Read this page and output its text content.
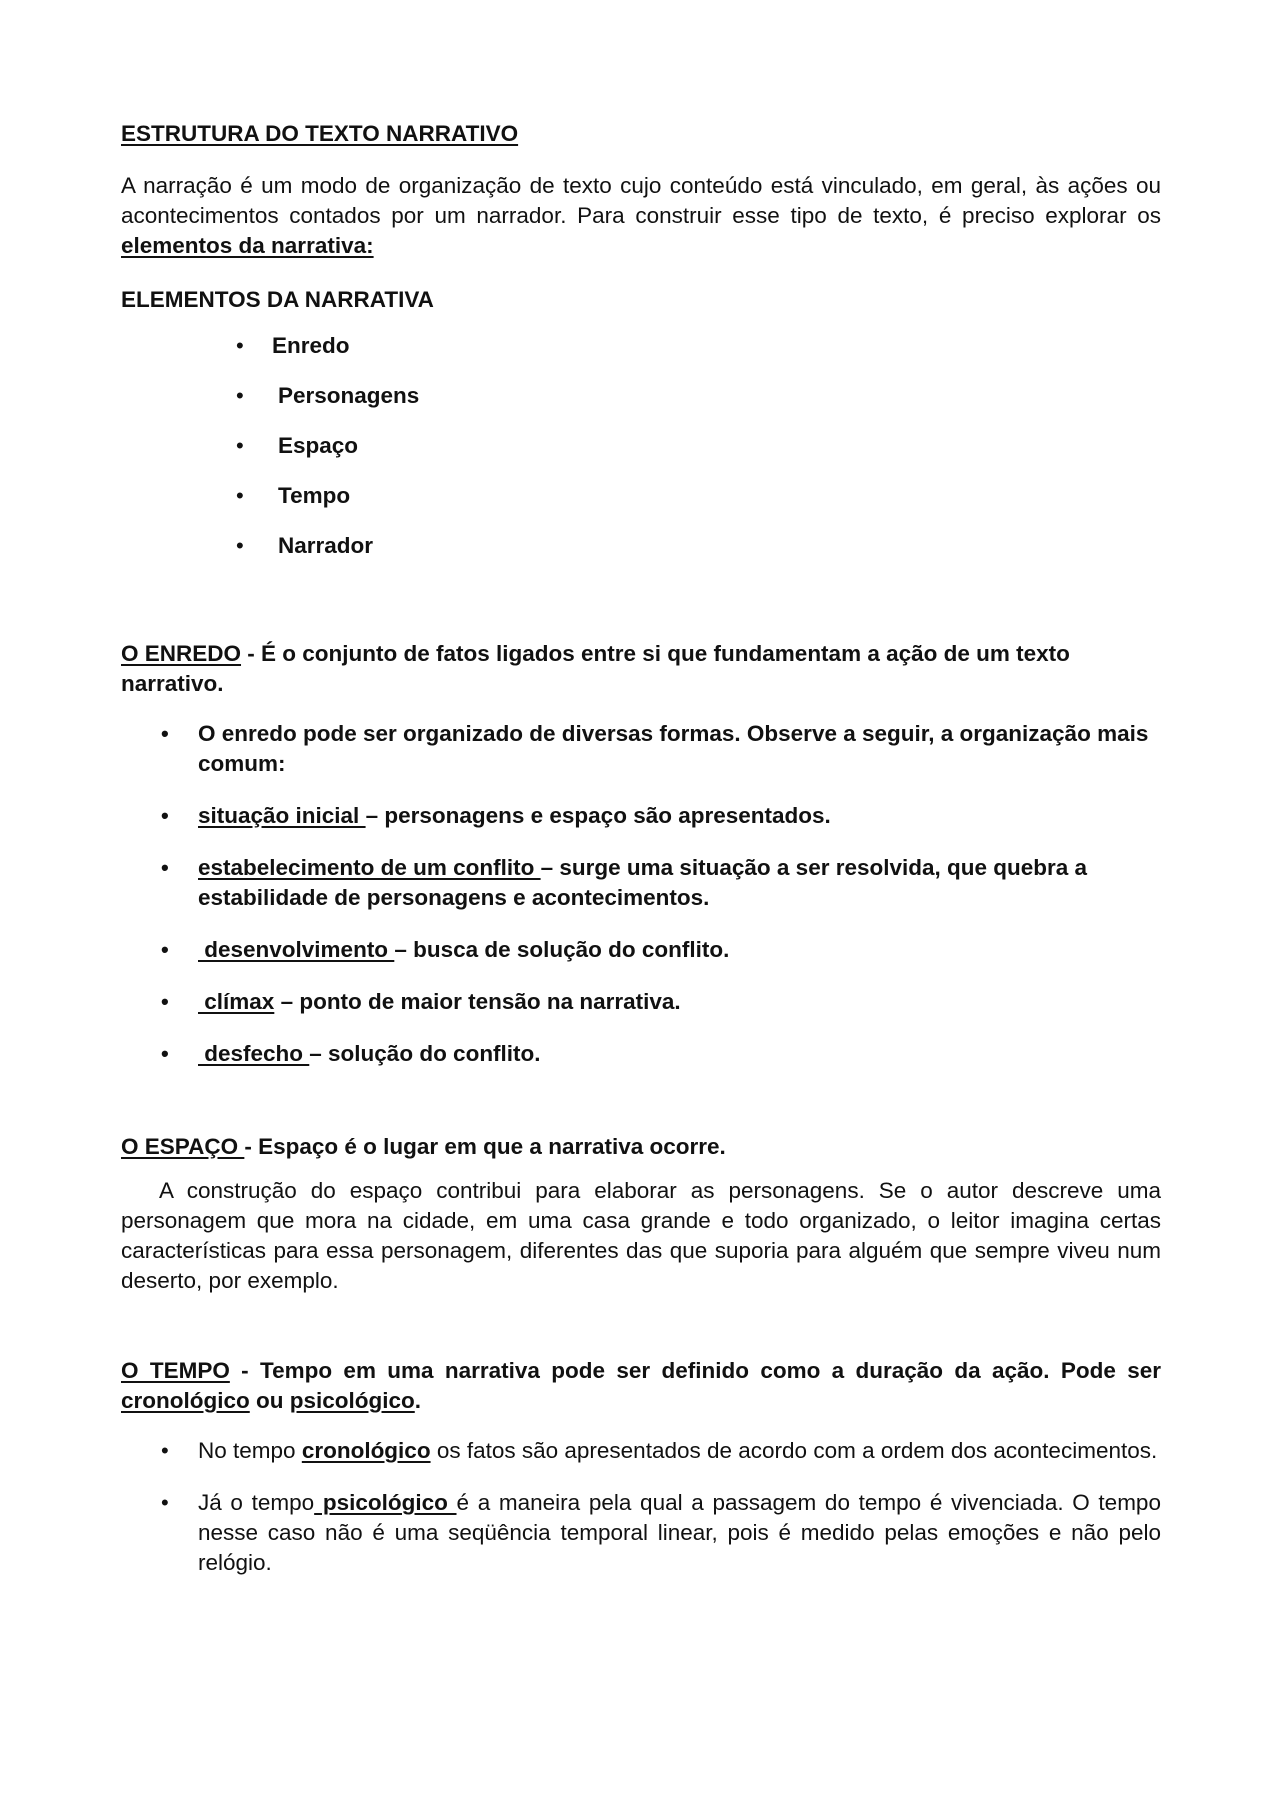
ESTRUTURA DO TEXTO NARRATIVO

A narração é um modo de organização de texto cujo conteúdo está vinculado, em geral, às ações ou acontecimentos contados por um narrador. Para construir esse tipo de texto, é preciso explorar os elementos da narrativa:

ELEMENTOS DA NARRATIVA

• Enredo
• Personagens
• Espaço
• Tempo
• Narrador

O ENREDO - É o conjunto de fatos ligados entre si que fundamentam a ação de um texto narrativo.

• O enredo pode ser organizado de diversas formas. Observe a seguir, a organização mais comum:
• situação inicial – personagens e espaço são apresentados.
• estabelecimento de um conflito – surge uma situação a ser resolvida, que quebra a estabilidade de personagens e acontecimentos.
• desenvolvimento – busca de solução do conflito.
• clímax – ponto de maior tensão na narrativa.
• desfecho – solução do conflito.

O ESPAÇO - Espaço é o lugar em que a narrativa ocorre.

A construção do espaço contribui para elaborar as personagens. Se o autor descreve uma personagem que mora na cidade, em uma casa grande e todo organizado, o leitor imagina certas características para essa personagem, diferentes das que suporia para alguém que sempre viveu num deserto, por exemplo.

O TEMPO - Tempo em uma narrativa pode ser definido como a duração da ação. Pode ser cronológico ou psicológico.

• No tempo cronológico os fatos são apresentados de acordo com a ordem dos acontecimentos.
• Já o tempo psicológico é a maneira pela qual a passagem do tempo é vivenciada. O tempo nesse caso não é uma seqüência temporal linear, pois é medido pelas emoções e não pelo relógio.
